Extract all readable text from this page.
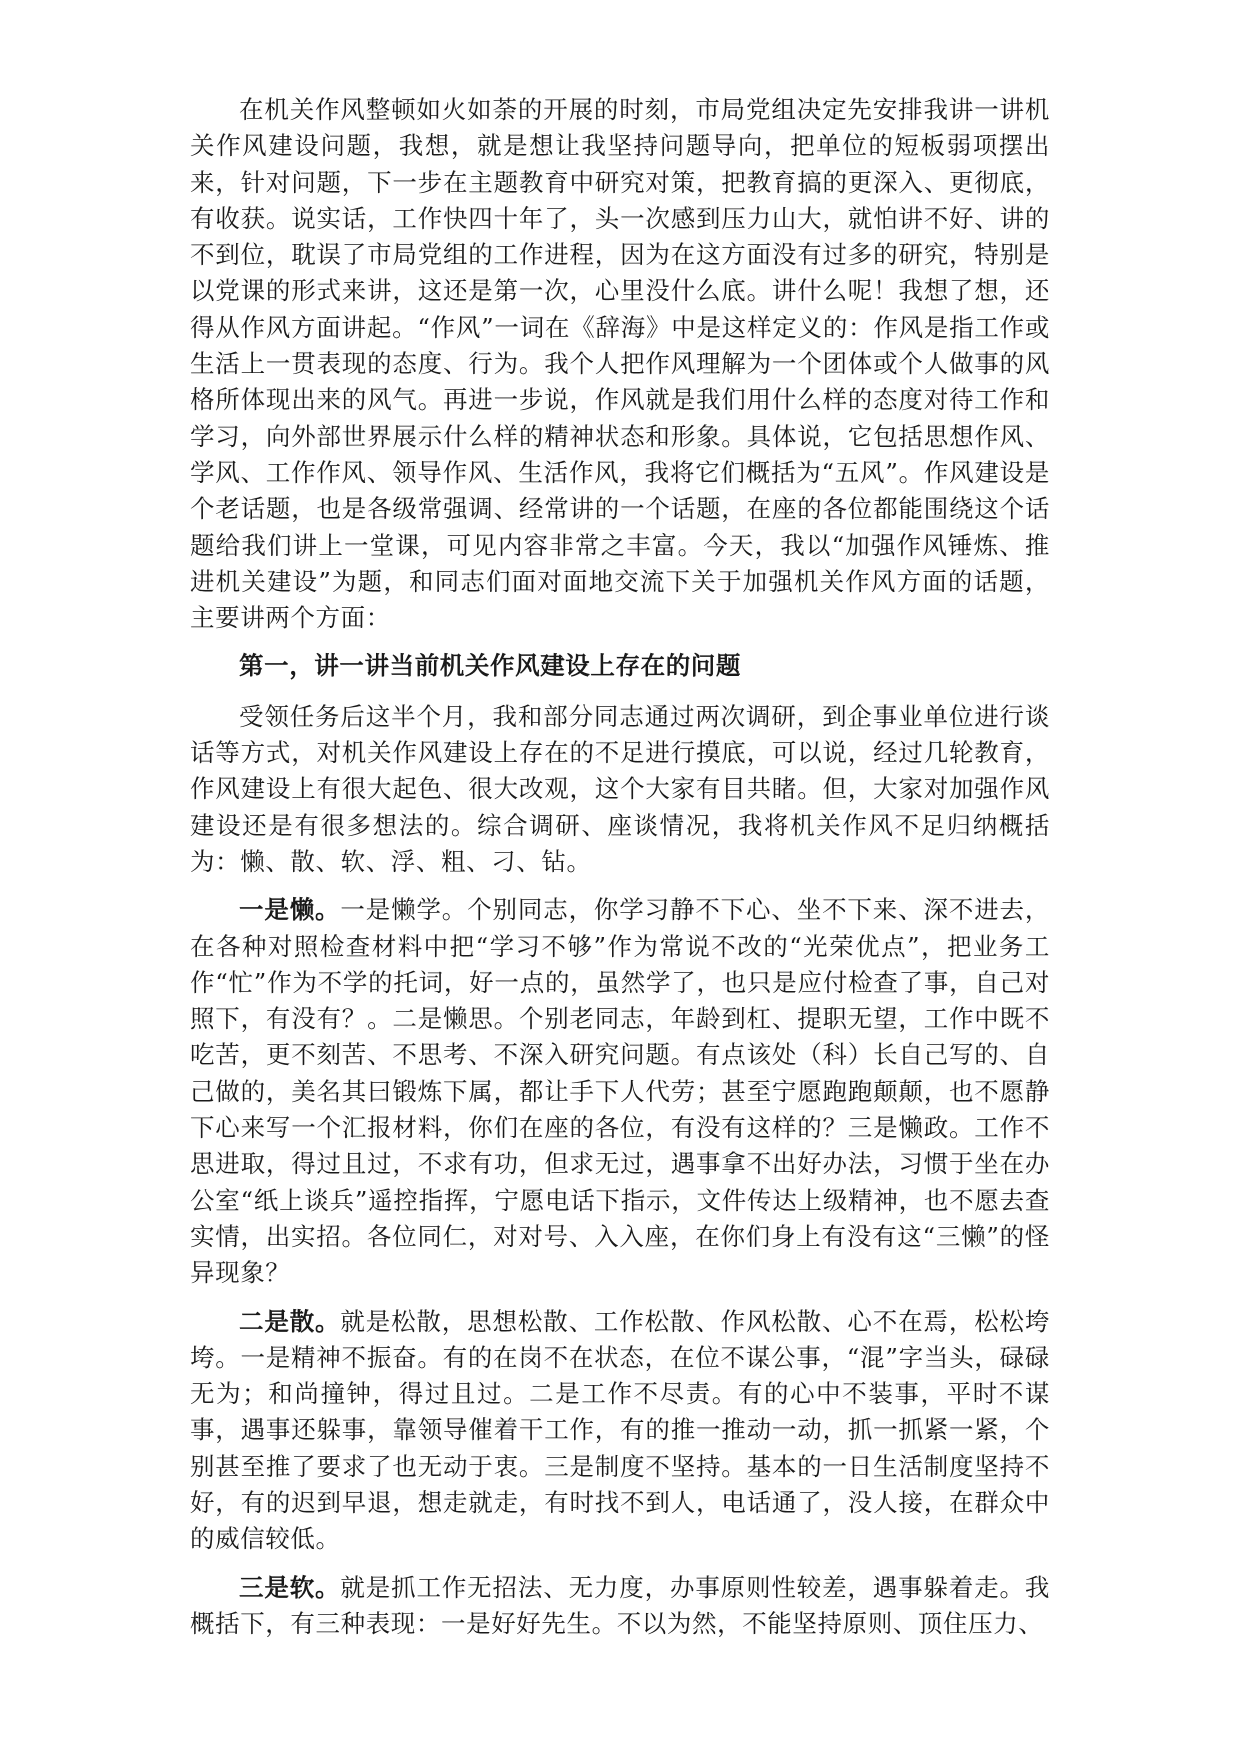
在机关作风整顿如火如荼的开展的时刻，市局党组决定先安排我讲一讲机关作风建设问题，我想，就是想让我坚持问题导向，把单位的短板弱项摆出来，针对问题，下一步在主题教育中研究对策，把教育搞的更深入、更彻底，有收获。说实话，工作快四十年了，头一次感到压力山大，就怕讲不好、讲的不到位，耽误了市局党组的工作进程，因为在这方面没有过多的研究，特别是以党课的形式来讲，这还是第一次，心里没什么底。讲什么呢！我想了想，还得从作风方面讲起。“作风”一词在《辞海》中是这样定义的：作风是指工作或生活上一贯表现的态度、行为。我个人把作风理解为一个团体或个人做事的风格所体现出来的风气。再进一步说，作风就是我们用什么样的态度对待工作和学习，向外部世界展示什么样的精神状态和形象。具体说，它包括思想作风、学风、工作作风、领导作风、生活作风，我将它们概括为“五风”。作风建设是个老话题，也是各级常强调、经常讲的一个话题，在座的各位都能围绕这个话题给我们讲上一堂课，可见内容非常之丰富。今天，我以“加强作风锤炼、推进机关建设”为题，和同志们面对面地交流下关于加强机关作风方面的话题，主要讲两个方面：

第一，讲一讲当前机关作风建设上存在的问题

受领任务后这半个月，我和部分同志通过两次调研，到企事业单位进行谈话等方式，对机关作风建设上存在的不足进行摸底，可以说，经过几轮教育，作风建设上有很大起色、很大改观，这个大家有目共睹。但，大家对加强作风建设还是有很多想法的。综合调研、座谈情况，我将机关作风不足归纳概括为：懒、散、软、浮、粗、刁、钻。

一是懒。一是懒学。个别同志，你学习静不下心、坐不下来、深不进去，在各种对照检查材料中把“学习不够”作为常说不改的“光荣优点”，把业务工作“忙”作为不学的托词，好一点的，虽然学了，也只是应付检查了事，自己对照下，有没有？。二是懒思。个别老同志，年龄到杠、提职无望，工作中既不吃苦，更不刻苦、不思考、不深入研究问题。有点该处（科）长自己写的、自己做的，美名其曰锻炼下属，都让手下人代劳；甚至宁愿跑跑颠颠，也不愿静下心来写一个汇报材料，你们在座的各位，有没有这样的？三是懒政。工作不思进取，得过且过，不求有功，但求无过，遇事拿不出好办法，习惯于坐在办公室“纸上谈兵”遥控指挥，宁愿电话下指示，文件传达上级精神，也不愿去查实情，出实招。各位同仁，对对号、入入座，在你们身上有没有这“三懒”的怪异现象？

二是散。就是松散，思想松散、工作松散、作风松散、心不在焉，松松垮垮。一是精神不振奋。有的在岗不在状态，在位不谋公事，“混”字当头，碌碌无为；和尚撞钟，得过且过。二是工作不尽责。有的心中不装事，平时不谋事，遇事还躲事，靠领导催着干工作，有的推一推动一动，抓一抓紧一紧，个别甚至推了要求了也无动于衷。三是制度不坚持。基本的一日生活制度坚持不好，有的迟到早退，想走就走，有时找不到人，电话通了，没人接，在群众中的威信较低。

三是软。就是抓工作无招法、无力度，办事原则性较差，遇事躲着走。我概括下，有三种表现：一是好好先生。不以为然，不能坚持原则、顶住压力、
